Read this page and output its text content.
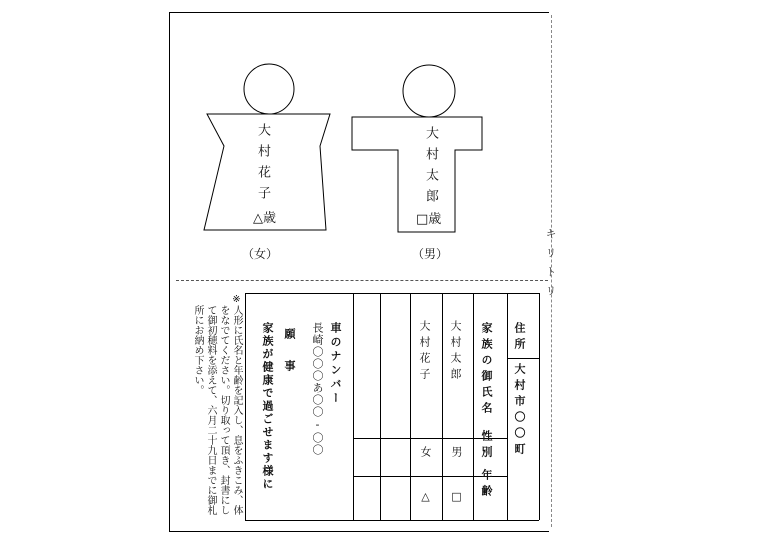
大村花子
△歳
（女）
大村太郎
□歳
（男）	キリトリ
住所
大村市〇〇町
家族の御氏名
性別
年齢
大村太郎
男
□
大村花子
女
△
車のナンバー
長崎〇〇〇あ〇〇-〇〇
願　事
家族が健康で過ごせます様に
※人形に氏名と年齢を記入し、息をふきこみ、体
をなでてください。切り取って頂き、封書にし
て御初穂料を添えて、六月二十九日までに御札
所にお納め下さい。
